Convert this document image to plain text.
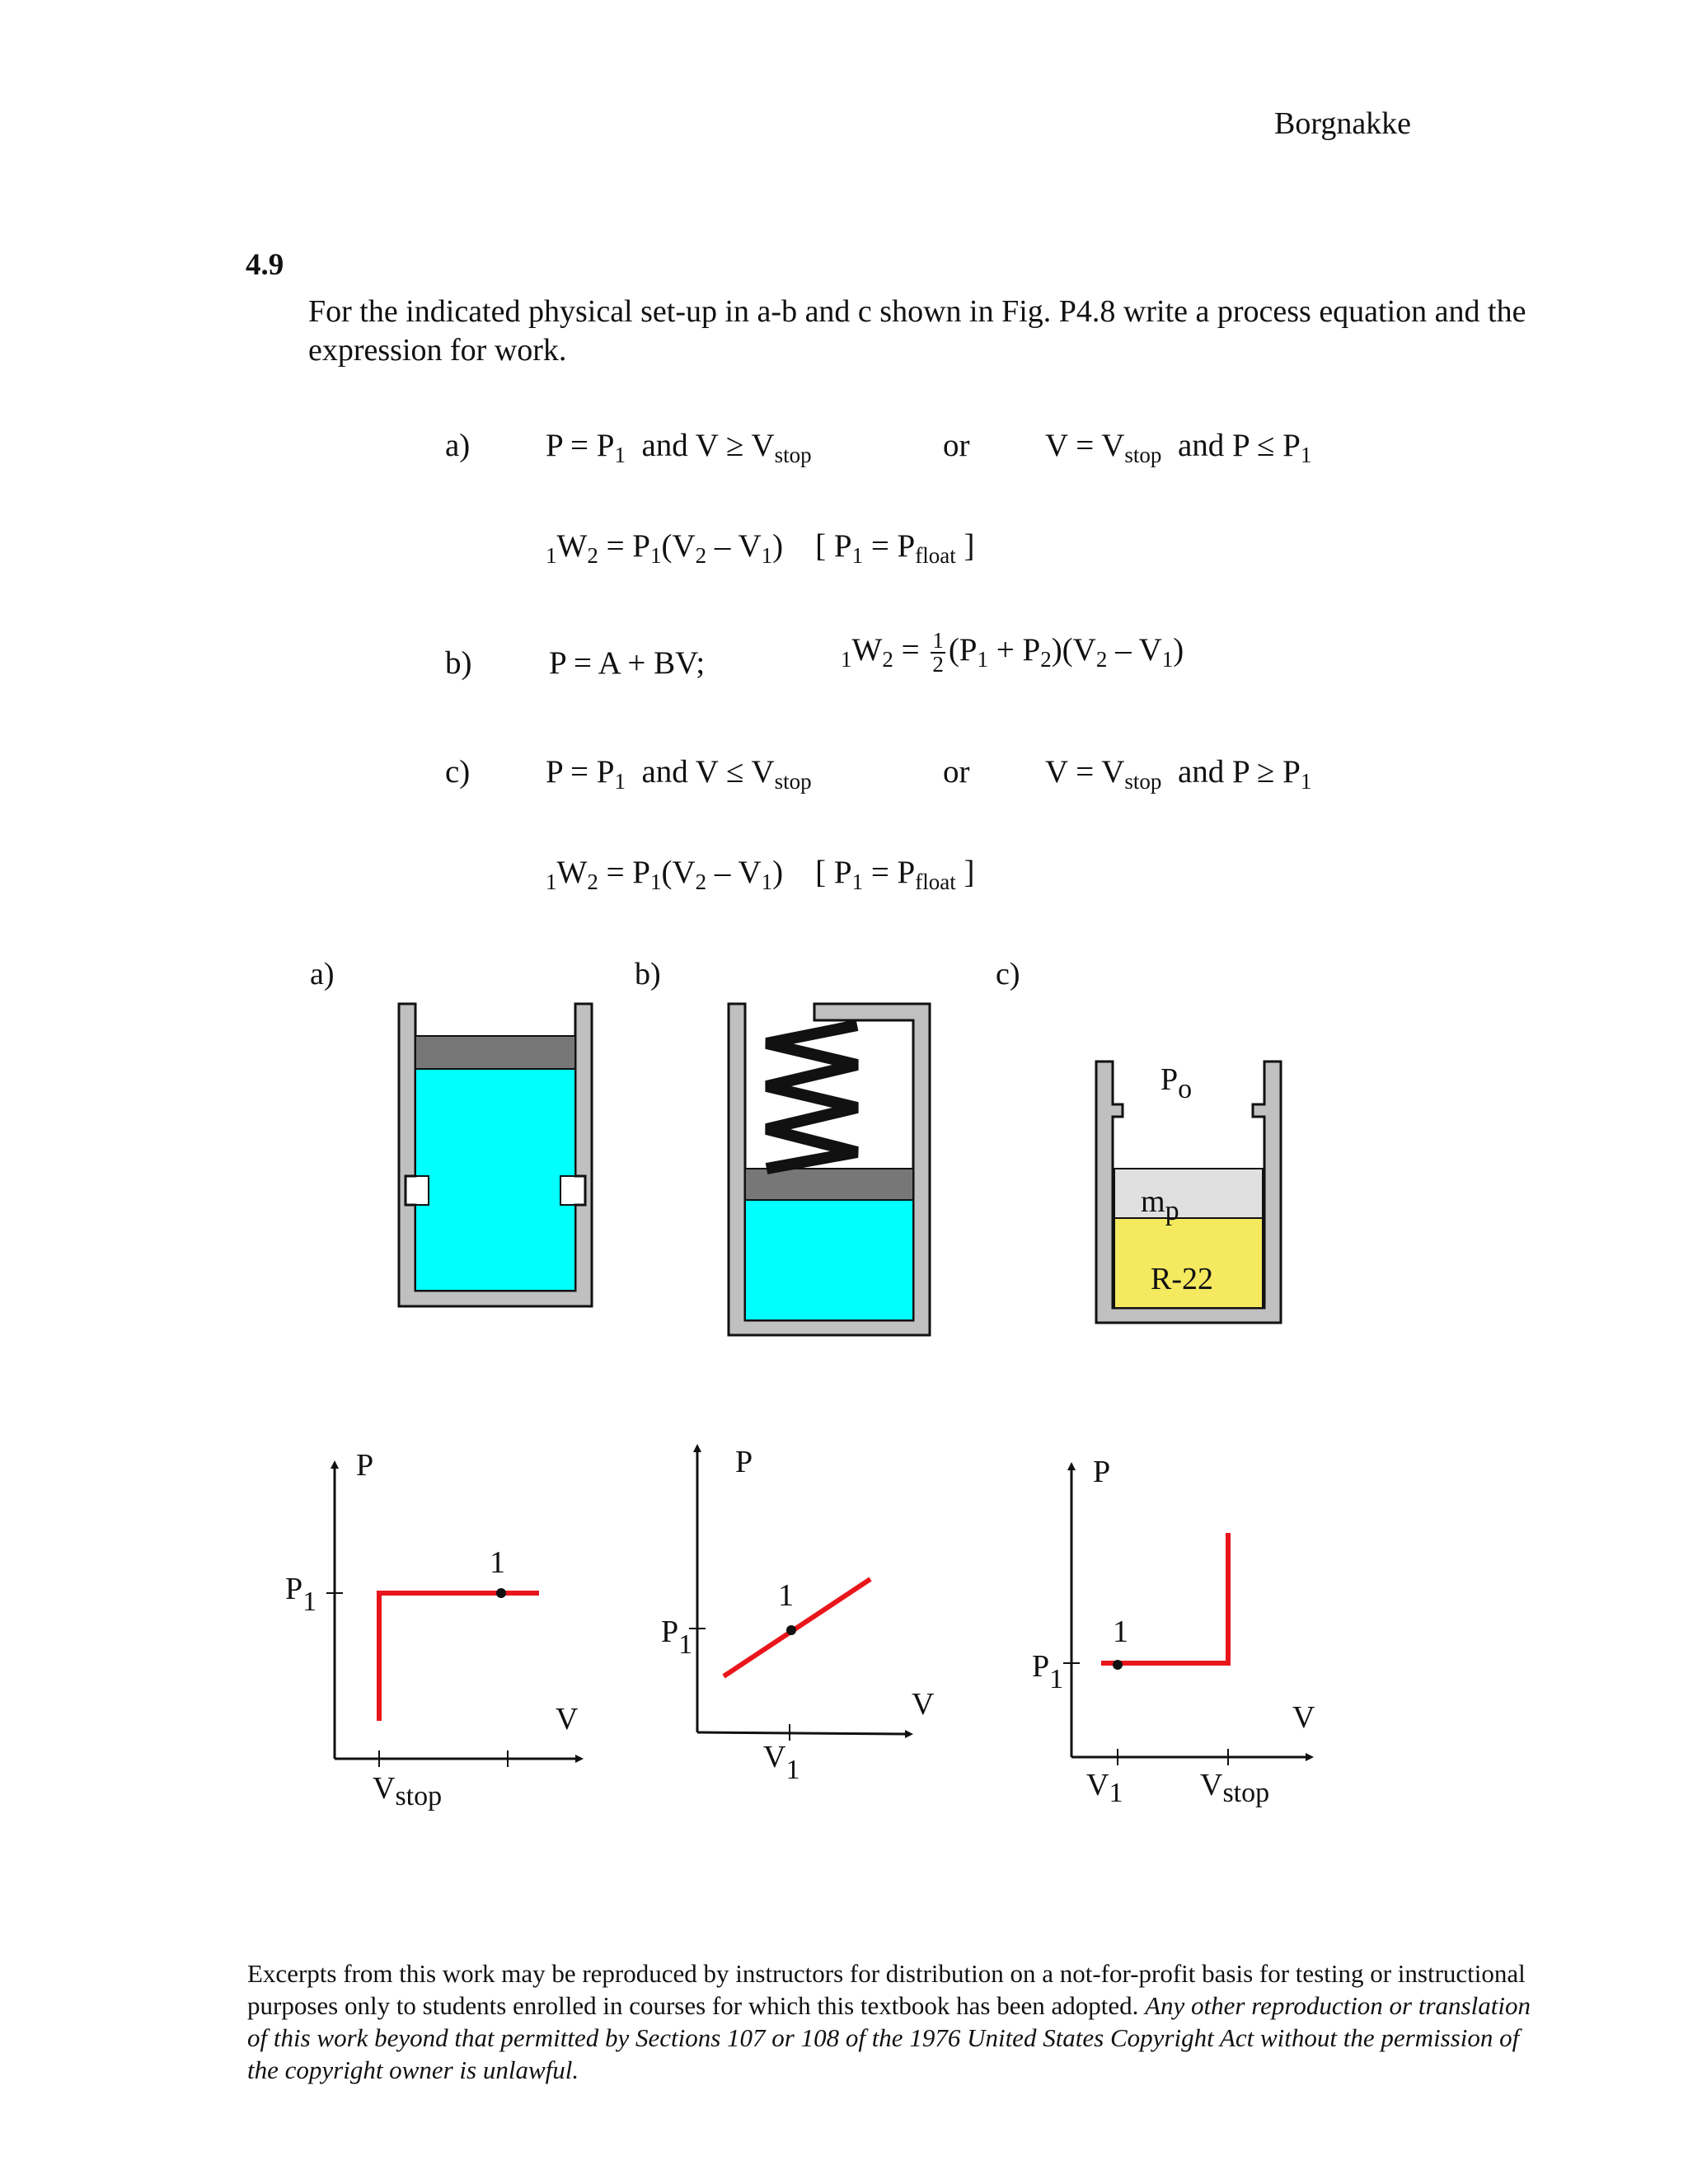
Borgnakke
4.9
For the indicated physical set-up in a-b and c shown in Fig. P4.8 write a process equation and the expression for work.
a) $P = P_1$ and $V \ge V_{stop}$	or $V = V_{stop}$ and $P \le P_1$
$_1W_2 = P_1(V_2 - V_1)$    [ $P_1 = P_{float}$ ]
b) P = A + BV;	$_1W_2 = \frac{1}{2} (P_1 + P_2)(V_2 - V_1)$
c) $P = P_1$ and $V \le V_{stop}$	or $V = V_{stop}$ and $P \ge P_1$
$_1W_2 = P_1(V_2 - V_1)$    [ $P_1 = P_{float}$ ]
a)	b)	c)
$P_o$
$m_p$
R-22
P
V
$P_1$
1
$V_{stop}$
P
V
$P_1$
1
$V_1$
P
V
$P_1$
1
$V_1$ $V_{stop}$
Excerpts from this work may be reproduced by instructors for distribution on a not-for-profit basis for testing or instructional purposes only to students enrolled in courses for which this textbook has been adopted. Any other reproduction or translation of this work beyond that permitted by Sections 107 or 108 of the 1976 United States Copyright Act without the permission of the copyright owner is unlawful.
